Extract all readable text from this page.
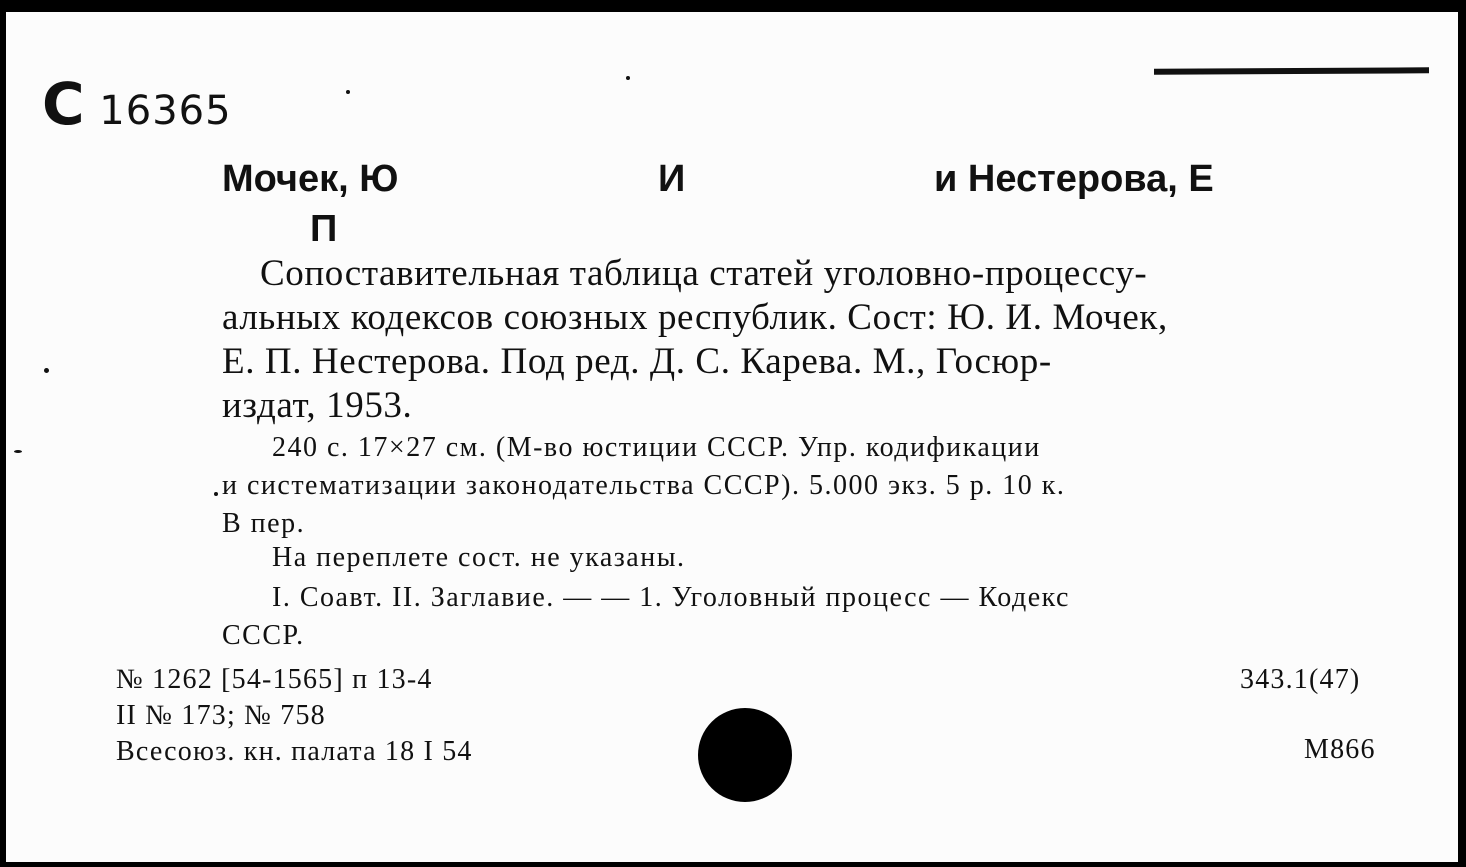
С 16365
Мочек, Ю	И	и Нестерова, Е
П
Сопоставительная таблица статей уголовно-процессу-
альных кодексов союзных республик. Сост: Ю. И. Мочек,
Е. П. Нестерова. Под ред. Д. С. Карева. М., Госюр-
издат, 1953.
240 с. 17×27 см. (М-во юстиции СССР. Упр. кодификации
и систематизации законодательства СССР). 5.000 экз. 5 р. 10 к.
В пер.
На переплете сост. не указаны.
I. Соавт. II. Заглавие. — — 1. Уголовный процесс — Кодекс
СССР.
№ 1262 [54-1565] п 13-4
II № 173; № 758
Всесоюз. кн. палата 18 I 54
343.1(47)
М866
